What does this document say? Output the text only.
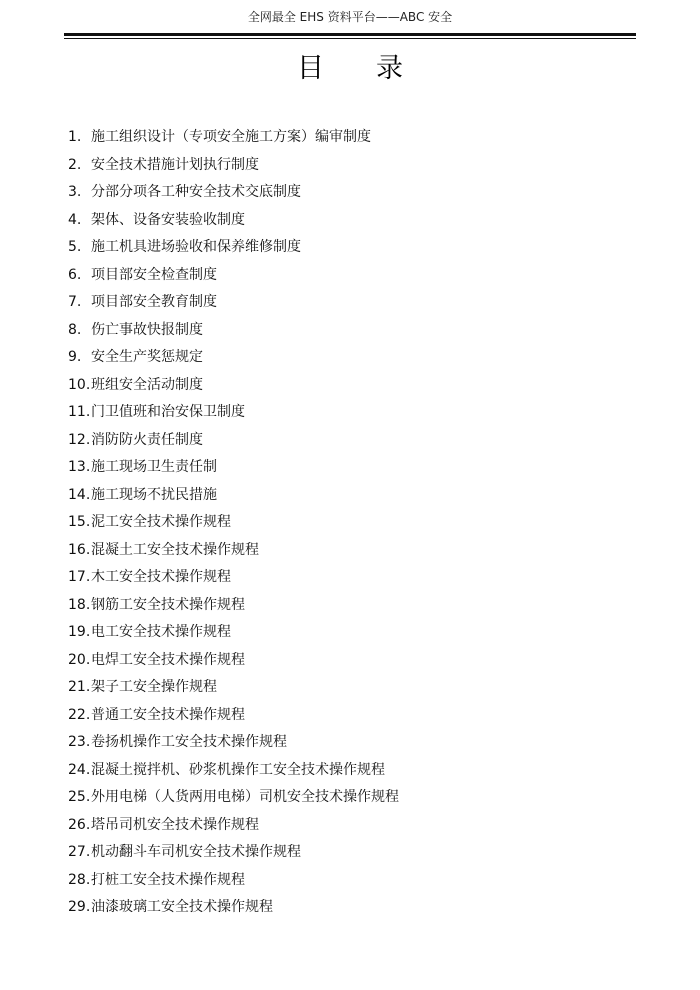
全网最全 EHS 资料平台——ABC 安全
目录
1. 施工组织设计（专项安全施工方案）编审制度
2. 安全技术措施计划执行制度
3. 分部分项各工种安全技术交底制度
4. 架体、设备安装验收制度
5. 施工机具进场验收和保养维修制度
6. 项目部安全检查制度
7. 项目部安全教育制度
8. 伤亡事故快报制度
9. 安全生产奖惩规定
10.班组安全活动制度
11.门卫值班和治安保卫制度
12.消防防火责任制度
13.施工现场卫生责任制
14.施工现场不扰民措施
15.泥工安全技术操作规程
16.混凝土工安全技术操作规程
17.木工安全技术操作规程
18.钢筋工安全技术操作规程
19.电工安全技术操作规程
20.电焊工安全技术操作规程
21.架子工安全操作规程
22.普通工安全技术操作规程
23.卷扬机操作工安全技术操作规程
24.混凝土搅拌机、砂浆机操作工安全技术操作规程
25.外用电梯（人货两用电梯）司机安全技术操作规程
26.塔吊司机安全技术操作规程
27.机动翻斗车司机安全技术操作规程
28.打桩工安全技术操作规程
29.油漆玻璃工安全技术操作规程
